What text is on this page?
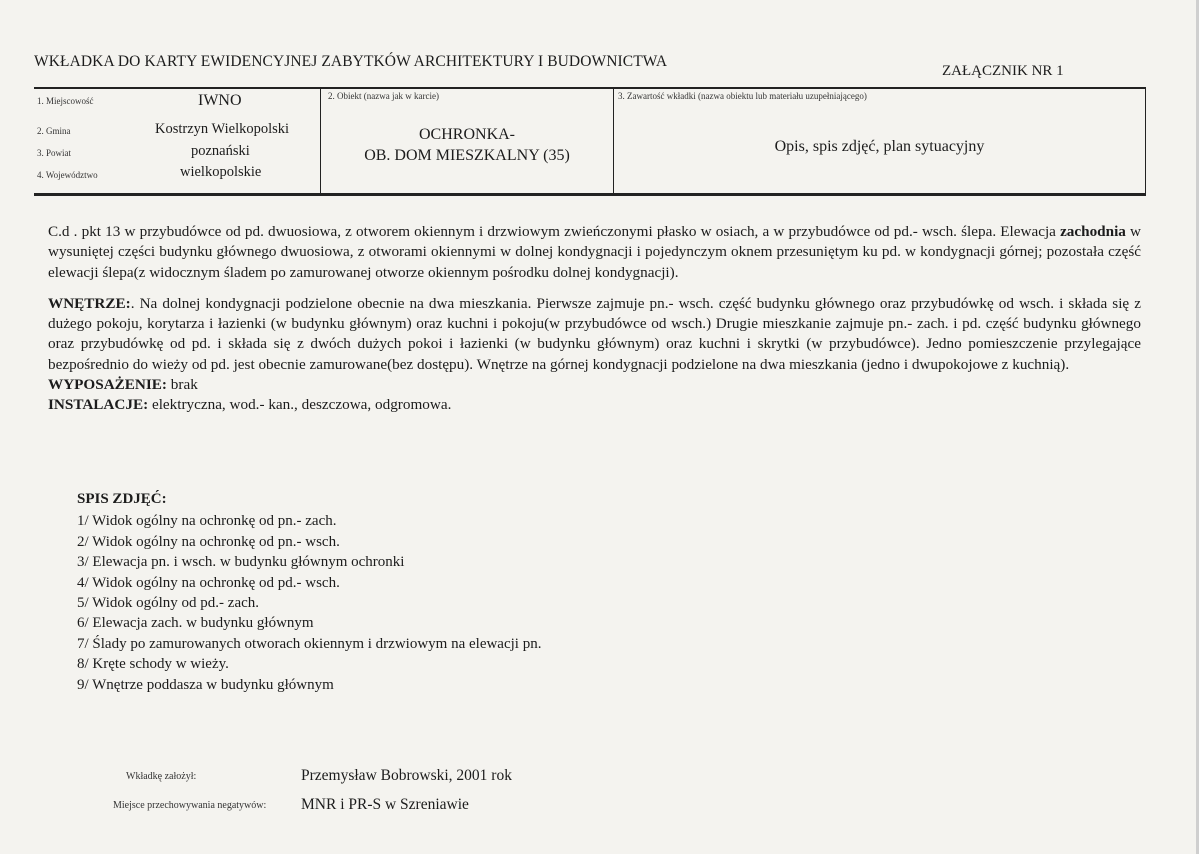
WKŁADKA DO KARTY EWIDENCYJNEJ ZABYTKÓW ARCHITEKTURY I BUDOWNICTWA
ZAŁĄCZNIK NR 1
1. Miejscowość	IWNO
2. Gmina	Kostrzyn Wielkopolski
3. Powiat	poznański
4. Województwo	wielkopolskie
2. Obiekt (nazwa jak w karcie)
OCHRONKA-
OB. DOM MIESZKALNY (35)
3. Zawartość wkładki (nazwa obiektu lub materiału uzupełniającego)
Opis, spis zdjęć, plan sytuacyjny

C.d . pkt 13 w przybudówce od pd. dwuosiowa, z otworem okiennym i drzwiowym zwieńczonymi płasko w osiach, a w przybudówce od pd.- wsch. ślepa. Elewacja zachodnia w wysuniętej części budynku głównego dwuosiowa, z otworami okiennymi w dolnej kondygnacji i pojedynczym oknem przesuniętym ku pd. w kondygnacji górnej; pozostała część elewacji ślepa(z widocznym śladem po zamurowanej otworze okiennym pośrodku dolnej kondygnacji).

WNĘTRZE:. Na dolnej kondygnacji podzielone obecnie na dwa mieszkania. Pierwsze zajmuje pn.- wsch. część budynku głównego oraz przybudówkę od wsch. i składa się z dużego pokoju, korytarza i łazienki (w budynku głównym) oraz kuchni i pokoju(w przybudówce od wsch.) Drugie mieszkanie zajmuje pn.- zach. i pd. część budynku głównego oraz przybudówkę od pd. i składa się z dwóch dużych pokoi i łazienki (w budynku głównym) oraz kuchni i skrytki (w przybudówce). Jedno pomieszczenie przylegające bezpośrednio do wieży od pd. jest obecnie zamurowane(bez dostępu). Wnętrze na górnej kondygnacji podzielone na dwa mieszkania (jedno i dwupokojowe z kuchnią).

WYPOSAŻENIE: brak

INSTALACJE: elektryczna, wod.- kan., deszczowa, odgromowa.

SPIS ZDJĘĆ:
1/ Widok ogólny na ochronkę od pn.- zach.
2/ Widok ogólny na ochronkę od pn.- wsch.
3/ Elewacja pn. i wsch. w budynku głównym ochronki
4/ Widok ogólny na ochronkę od pd.- wsch.
5/ Widok ogólny od pd.- zach.
6/ Elewacja zach. w budynku głównym
7/ Ślady po zamurowanych otworach okiennym i drzwiowym na elewacji pn.
8/ Kręte schody w wieży.
9/ Wnętrze poddasza w budynku głównym
Wkładkę założył:	Przemysław Bobrowski, 2001 rok
Miejsce przechowywania negatywów: MNR i PR-S w Szreniawie
